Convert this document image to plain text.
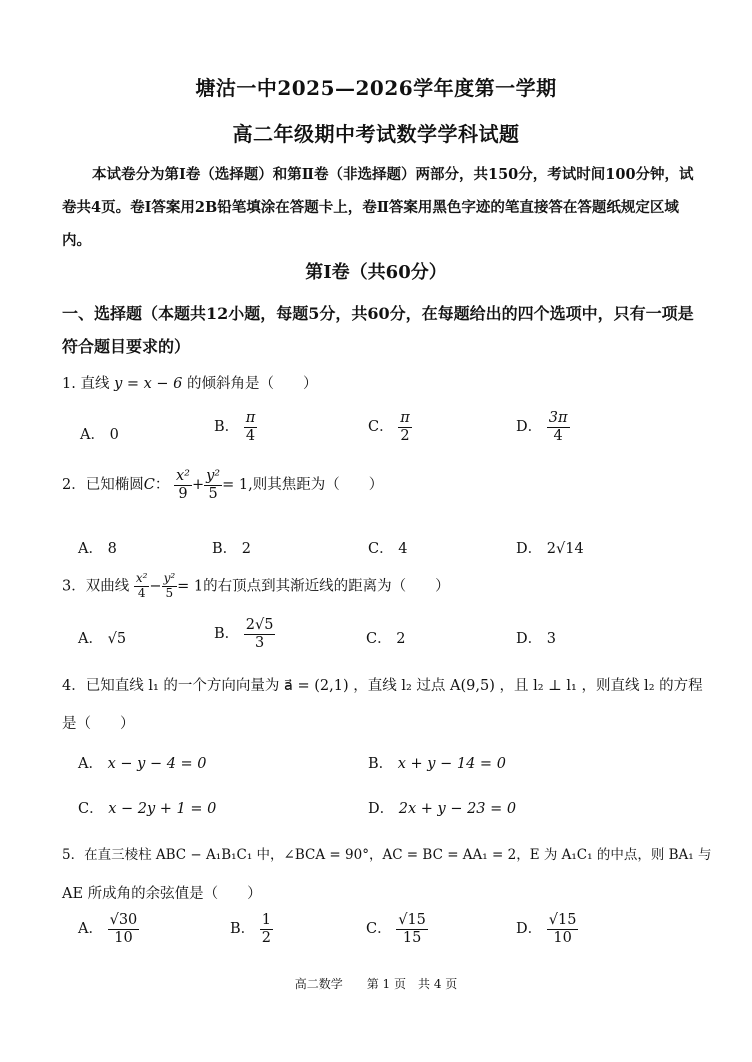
塘沽一中2025—2026学年度第一学期
高二年级期中考试数学学科试题
本试卷分为第Ⅰ卷（选择题）和第Ⅱ卷（非选择题）两部分，共150分，考试时间100分钟，试卷共4页。卷Ⅰ答案用2B铅笔填涂在答题卡上，卷Ⅱ答案用黑色字迹的笔直接答在答题纸规定区域内。
第Ⅰ卷（共60分）
一、选择题（本题共12小题，每题5分，共60分，在每题给出的四个选项中，只有一项是符合题目要求的）
1. 直线 y = x − 6 的倾斜角是（　　）
A． 0	B． $\frac{\pi}{4}$	C． $\frac{\pi}{2}$	D． $\frac{3\pi}{4}$
2．已知椭圆C： $\frac{\text{x²}}{9} + \frac{\text{y²}}{5} = 1$,则其焦距为（　　）
A． 8	B． 2	C． 4	D． 2√14
3．双曲线 $\frac{\text{x²}}{4} - \frac{\text{y²}}{5} = 1$的右顶点到其渐近线的距离为（　　）
A． √5	B． $\frac{2√5}{3}$	C． 2	D． 3
4．已知直线 l₁ 的一个方向向量为 a⃗ = (2,1) ，直线 l₂ 过点 A(9,5) ，且 l₂ ⊥ l₁ ，则直线 l₂ 的方程
是（　　）
A． x − y − 4 = 0	B． x + y − 14 = 0
C． x − 2y + 1 = 0	D． 2x + y − 23 = 0
5．在直三棱柱 ABC − A₁B₁C₁ 中，∠BCA = 90°，AC = BC = AA₁ = 2，E 为 A₁C₁ 的中点，则 BA₁ 与
AE 所成角的余弦值是（　　）
A． $\frac{√30}{10}$	B． $\frac{1}{2}$	C． $\frac{√15}{15}$	D． $\frac{√15}{10}$
高二数学　　第 1 页　共 4 页
